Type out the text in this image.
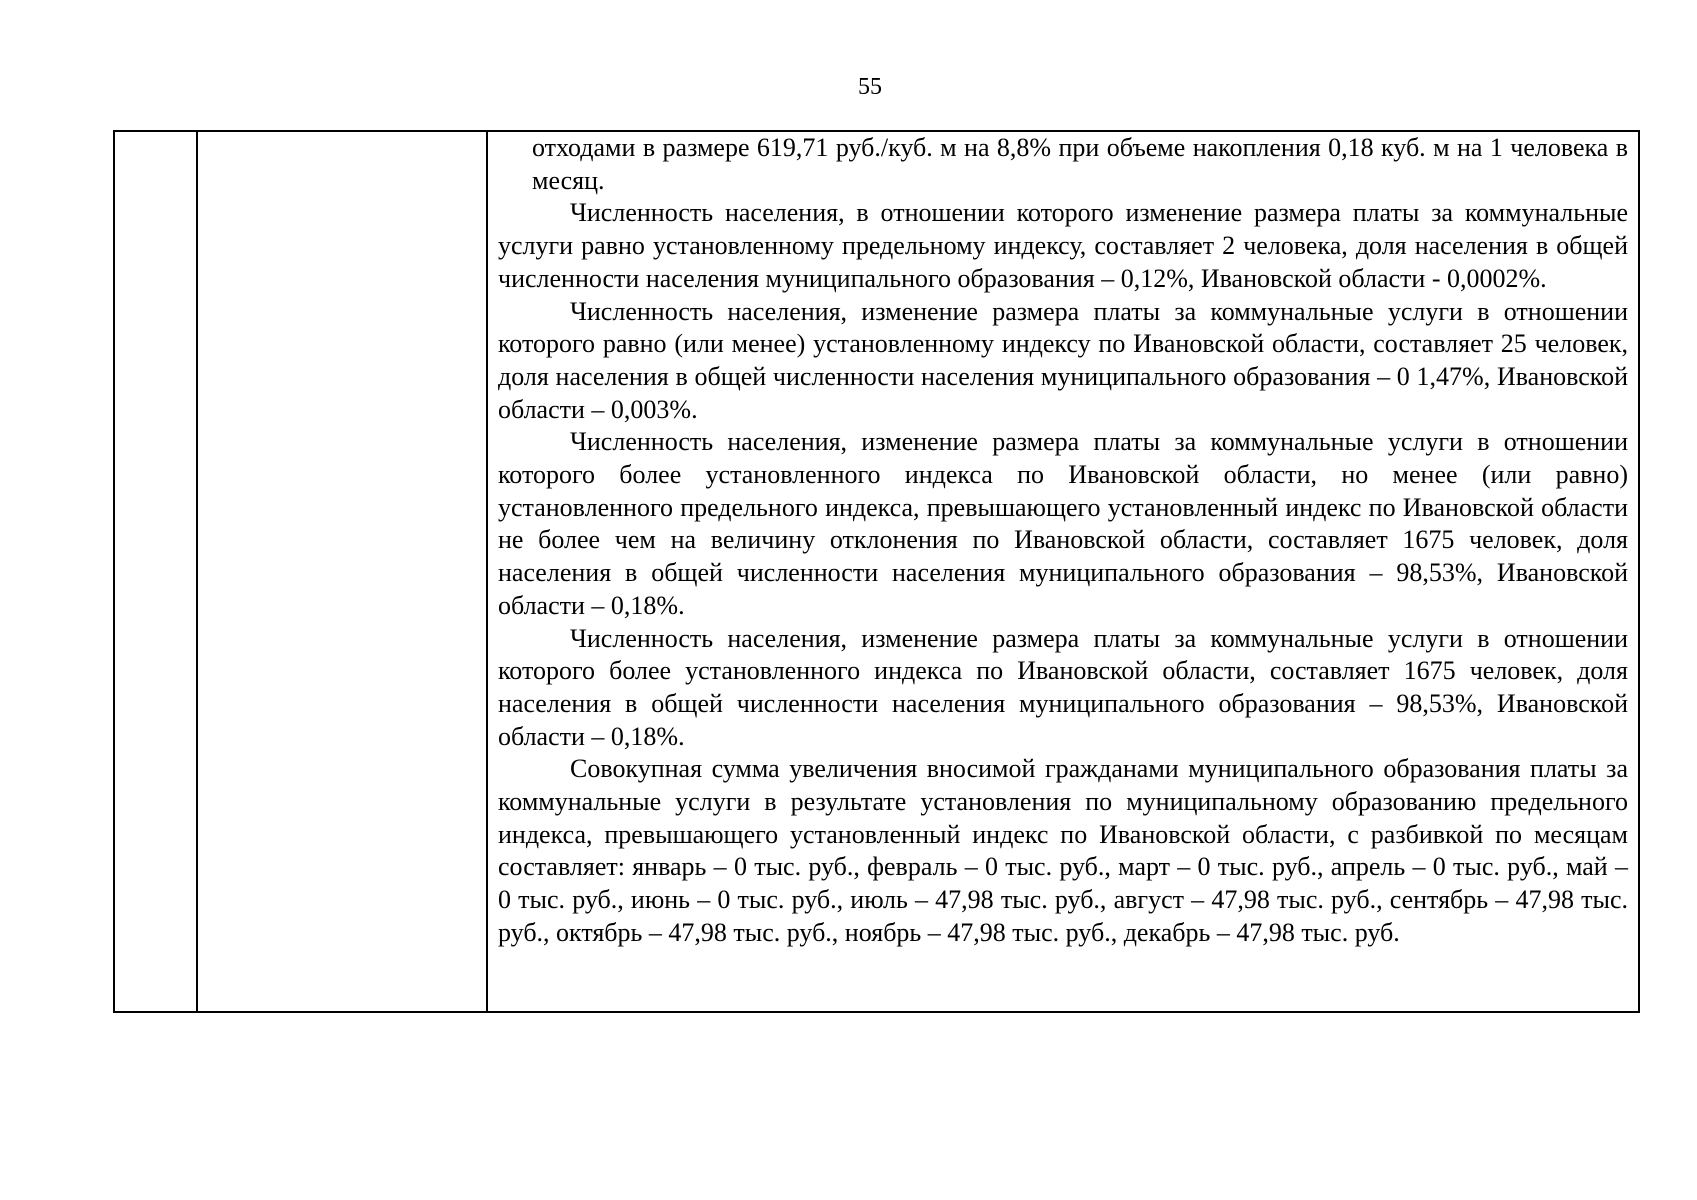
55

отходами в размере 619,71 руб./куб. м на 8,8% при объеме накопления 0,18 куб. м на 1 человека в месяц.

Численность населения, в отношении которого изменение размера платы за коммунальные услуги равно установленному предельному индексу, составляет 2 человека, доля населения в общей численности населения муниципального образования – 0,12%, Ивановской области - 0,0002%.

Численность населения, изменение размера платы за коммунальные услуги в отношении которого равно (или менее) установленному индексу по Ивановской области, составляет 25 человек, доля населения в общей численности населения муниципального образования – 0 1,47%, Ивановской области – 0,003%.

Численность населения, изменение размера платы за коммунальные услуги в отношении которого более установленного индекса по Ивановской области, но менее (или равно) установленного предельного индекса, превышающего установленный индекс по Ивановской области не более чем на величину отклонения по Ивановской области, составляет 1675 человек, доля населения в общей численности населения муниципального образования – 98,53%, Ивановской области – 0,18%.

Численность населения, изменение размера платы за коммунальные услуги в отношении которого более установленного индекса по Ивановской области, составляет 1675 человек, доля населения в общей численности населения муниципального образования – 98,53%, Ивановской области – 0,18%.

Совокупная сумма увеличения вносимой гражданами муниципального образования платы за коммунальные услуги в результате установления по муниципальному образованию предельного индекса, превышающего установленный индекс по Ивановской области, с разбивкой по месяцам составляет: январь – 0 тыс. руб., февраль – 0 тыс. руб., март – 0 тыс. руб., апрель – 0 тыс. руб., май – 0 тыс. руб., июнь – 0 тыс. руб., июль – 47,98 тыс. руб., август – 47,98 тыс. руб., сентябрь – 47,98 тыс. руб., октябрь – 47,98 тыс. руб., ноябрь – 47,98 тыс. руб., декабрь – 47,98 тыс. руб.
